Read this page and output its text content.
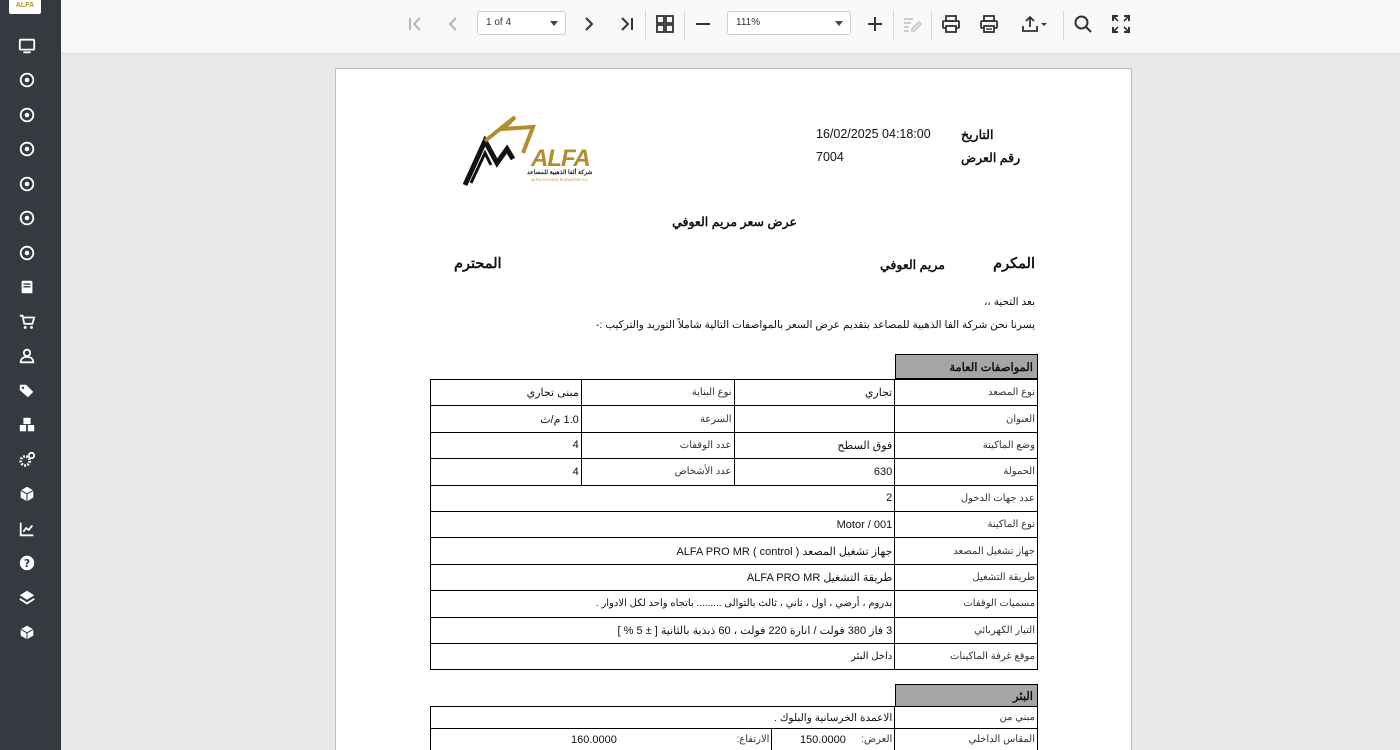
ALFA
?
1 of 4	111%
التاريخ
16/02/2025 04:18:00
رقم العرض
7004
ALFA
شركة ألفا الذهبية للمصاعد
ALFA GOLDEN ELEVATOR CO.
عرض سعر مريم العوفي
المكرم
مريم العوفي
المحترم
بعد التحية ،،
يسرنا نحن شركة الفا الذهبية للمصاعد بتقديم عرض السعر بالمواصفات التالية شاملاً التوريد والتركيب :-
المواصفات العامة
نوع المصعد	تجاري	نوع البناية	مبنى تجاري
العنوان		السرعة	1.0 م/ث
وضع الماكينة	فوق السطح	عدد الوقفات	4
الحمولة	630	عدد الأشخاص	4
عدد جهات الدخول	2		
نوع الماكينة	Motor / 001		
جهاز تشغيل المصعد	جهاز تشغيل المصعد ( ALFA PRO MR ( control		
طريقة التشغيل	طريقة التشغيل ALFA PRO MR		
مسميات الوقفات	بدروم ، أرضي ، اول ، ثاني ، ثالث بالتوالى ......... باتجاه واحد لكل الادوار .		
التيار الكهربائي	3 فاز 380 فولت / انارة 220 فولت ، 60 ذبذبة بالثانية [ ± 5 % ]		
موقع غرفة الماكينات	داخل البئر		
البئر
مبني من	الاعمدة الخرسانية والبلوك .			
المقاس الداخلي	العرض:	150.0000	الارتفاع:	160.0000
